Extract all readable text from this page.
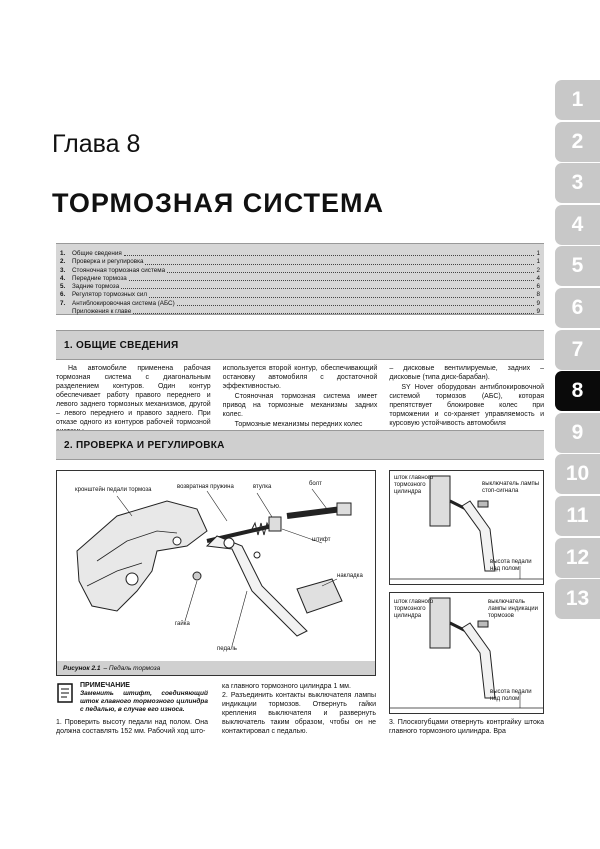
1
2
3
4
5
6
7
8
9
10
11
12
13
Глава 8
ТОРМОЗНАЯ СИСТЕМА
1.	Общие сведения	1
2.	Проверка и регулировка	1
3.	Стояночная тормозная система	2
4.	Передние тормоза	4
5.	Задние тормоза	6
6.	Регулятор тормозных сил	8
7.	Антиблокировочная система (АБС)	9
Приложения к главе	9
1. ОБЩИЕ СВЕДЕНИЯ

На автомобиле применена рабочая тормозная система с диагональным разделением контуров. Один контур обеспечивает работу правого переднего и левого заднего тормозных механизмов, другой – левого переднего и правого заднего. При отказе одного из контуров рабочей тормозной

используется второй контур, обеспечивающий остановку автомобиля с достаточной эффективностью.

Стояночная тормозная система имеет привод на тормозные механизмы задних колес.

Тормозные механизмы передних колес

– дисковые вентилируемые, задних – дисковые (типа диск-барабан).

SY Hover оборудован антиблокировочной системой тормозов (АБС), которая препятствует блокировке колес при торможении и со-храняет управляемость и курсовую устойчивость автомобиля

2. ПРОВЕРКА И РЕГУЛИРОВКА
кронштейн педали тормоза	возвратная пружина	втулка	болт
штифт
накладка
гайка
педаль
Рисунок 2.1 – Педаль тормоза
шток главного тормозного цилиндра
выключатель лампы стоп-сигнала
высота педали над полом
шток главного тормозного цилиндра
выключатель лампы индикации тормозов
высота педали над полом
ПРИМЕЧАНИЕ
Заменить штифт, соединяющий шток главного тормозного цилиндра с педалью, в случае его износа.
1. Проверить высоту педали над полом. Она должна составлять 152 мм. Рабочий ход што-
ка главного тормозного цилиндра 1 мм.
2. Разъединить контакты выключателя лампы индикации тормозов. Отвернуть гайки крепления выключателя и развернуть выключатель таким образом, чтобы он не контактировал с педалью.
3. Плоскогубцами отвернуть контргайку штока главного тормозного цилиндра. Вра
